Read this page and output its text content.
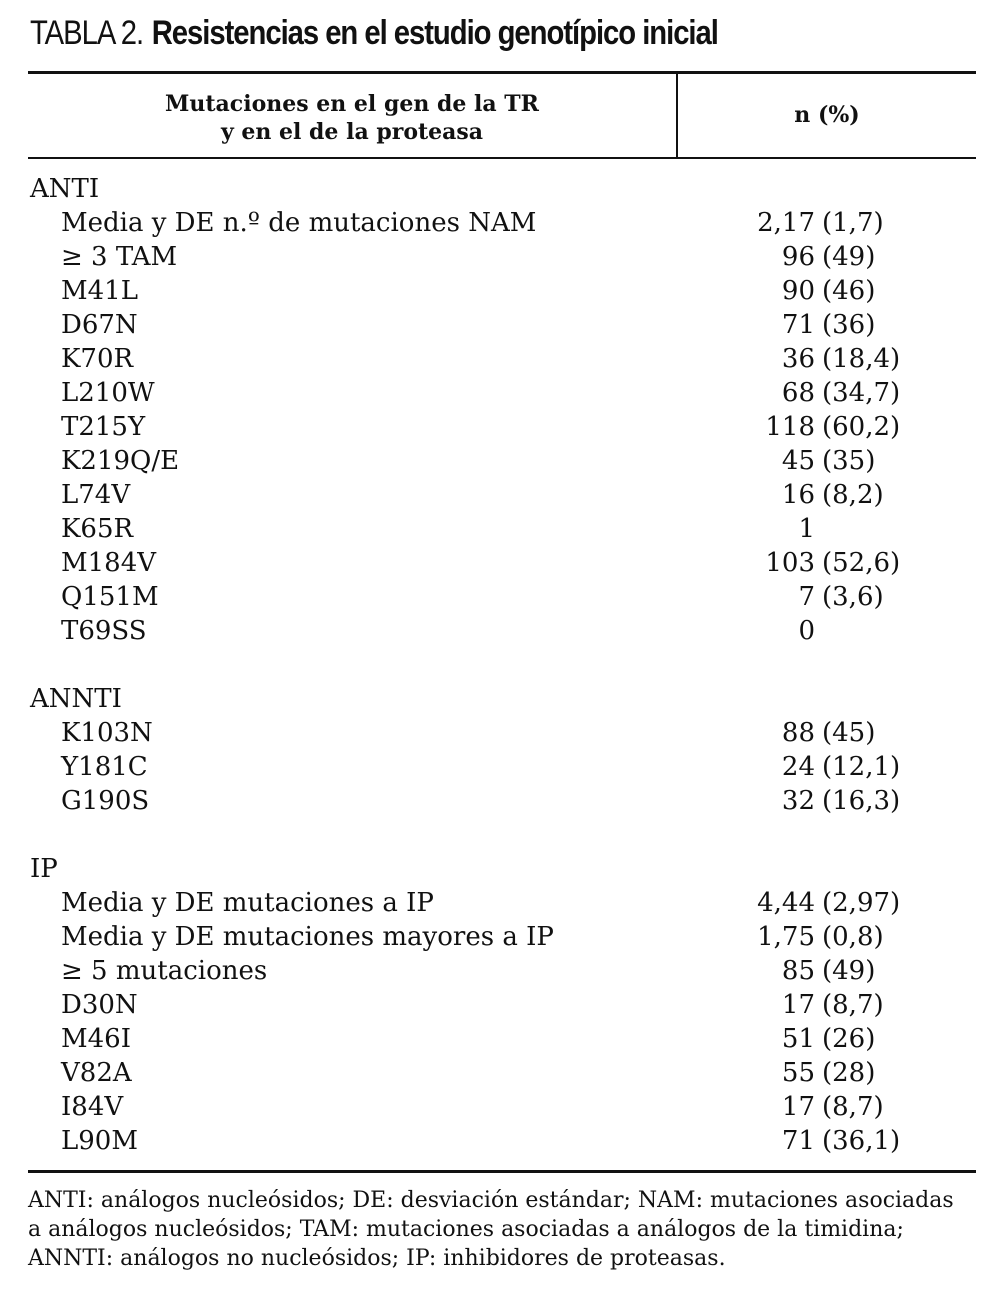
TABLA 2. Resistencias en el estudio genotípico inicial
Mutaciones en el gen de la TR
y en el de la proteasa
n (%)
ANTI
Media y DE n.º de mutaciones NAM	2,17 (1,7)
≥ 3 TAM	96 (49)
M41L	90 (46)
D67N	71 (36)
K70R	36 (18,4)
L210W	68 (34,7)
T215Y	118 (60,2)
K219Q/E	45 (35)
L74V	16 (8,2)
K65R	1
M184V	103 (52,6)
Q151M	7 (3,6)
T69SS	0
ANNTI
K103N	88 (45)
Y181C	24 (12,1)
G190S	32 (16,3)
IP
Media y DE mutaciones a IP	4,44 (2,97)
Media y DE mutaciones mayores a IP	1,75 (0,8)
≥ 5 mutaciones	85 (49)
D30N	17 (8,7)
M46I	51 (26)
V82A	55 (28)
I84V	17 (8,7)
L90M	71 (36,1)
ANTI: análogos nucleósidos; DE: desviación estándar; NAM: mutaciones asociadas a análogos nucleósidos; TAM: mutaciones asociadas a análogos de la timidina; ANNTI: análogos no nucleósidos; IP: inhibidores de proteasas.
